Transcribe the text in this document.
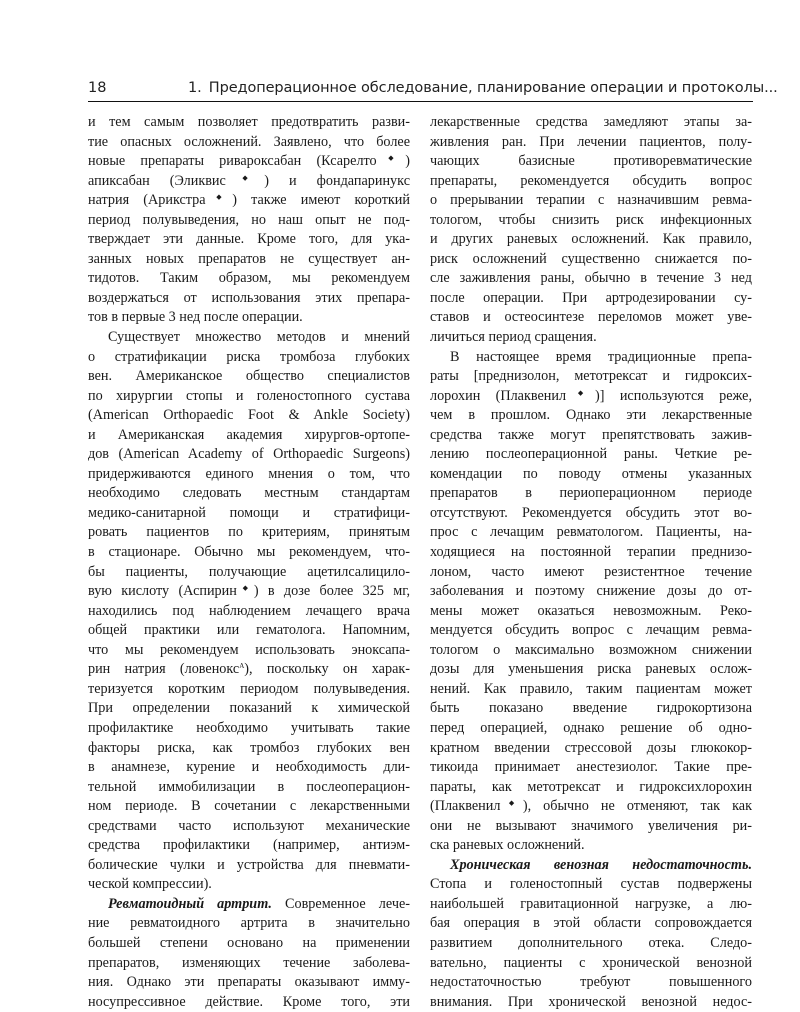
18	1. Предоперационное обследование, планирование операции и протоколы...
и тем самым позволяет предотвратить разви-
тие опасных осложнений. Заявлено, что более
новые препараты ривароксабан (Ксарелто◆)
апиксабан (Эликвис◆) и фондапаринукс
натрия (Арикстра◆) также имеют короткий
период полувыведения, но наш опыт не под-
тверждает эти данные. Кроме того, для ука-
занных новых препаратов не существует ан-
тидотов. Таким образом, мы рекомендуем
воздержаться от использования этих препара-
тов в первые 3 нед после операции.
Существует множество методов и мнений
о стратификации риска тромбоза глубоких
вен. Американское общество специалистов
по хирургии стопы и голеностопного сустава
(American Orthopaedic Foot & Ankle Society)
и Американская академия хирургов-ортопе-
дов (American Academy of Orthopaedic Surgeons)
придерживаются единого мнения о том, что
необходимо следовать местным стандартам
медико-санитарной помощи и стратифици-
ровать пациентов по критериям, принятым
в стационаре. Обычно мы рекомендуем, что-
бы пациенты, получающие ацетилсалицило-
вую кислоту (Аспирин◆) в дозе более 325 мг,
находились под наблюдением лечащего врача
общей практики или гематолога. Напомним,
что мы рекомендуем использовать эноксапа-
рин натрия (ловенокс$^A$), поскольку он харак-
теризуется коротким периодом полувыведения.
При определении показаний к химической
профилактике необходимо учитывать такие
факторы риска, как тромбоз глубоких вен
в анамнезе, курение и необходимость дли-
тельной иммобилизации в послеоперацион-
ном периоде. В сочетании с лекарственными
средствами часто используют механические
средства профилактики (например, антиэм-
болические чулки и устройства для пневмати-
ческой компрессии).
Ревматоидный артрит. Современное лече-
ние ревматоидного артрита в значительно
большей степени основано на применении
препаратов, изменяющих течение заболева-
ния. Однако эти препараты оказывают имму-
носупрессивное действие. Кроме того, эти
лекарственные средства замедляют этапы за-
живления ран. При лечении пациентов, полу-
чающих базисные противоревматические
препараты, рекомендуется обсудить вопрос
о прерывании терапии с назначившим ревма-
тологом, чтобы снизить риск инфекционных
и других раневых осложнений. Как правило,
риск осложнений существенно снижается по-
сле заживления раны, обычно в течение 3 нед
после операции. При артродезировании су-
ставов и остеосинтезе переломов может уве-
личиться период сращения.
В настоящее время традиционные препа-
раты [преднизолон, метотрексат и гидроксих-
лорохин (Плаквенил◆)] используются реже,
чем в прошлом. Однако эти лекарственные
средства также могут препятствовать зажив-
лению послеоперационной раны. Четкие ре-
комендации по поводу отмены указанных
препаратов в периоперационном периоде
отсутствуют. Рекомендуется обсудить этот во-
прос с лечащим ревматологом. Пациенты, на-
ходящиеся на постоянной терапии преднизо-
лоном, часто имеют резистентное течение
заболевания и поэтому снижение дозы до от-
мены может оказаться невозможным. Реко-
мендуется обсудить вопрос с лечащим ревма-
тологом о максимально возможном снижении
дозы для уменьшения риска раневых ослож-
нений. Как правило, таким пациентам может
быть показано введение гидрокортизона
перед операцией, однако решение об одно-
кратном введении стрессовой дозы глюкокор-
тикоида принимает анестезиолог. Такие пре-
параты, как метотрексат и гидроксихлорохин
(Плаквенил◆), обычно не отменяют, так как
они не вызывают значимого увеличения ри-
ска раневых осложнений.
Хроническая венозная недостаточность.
Стопа и голеностопный сустав подвержены
наибольшей гравитационной нагрузке, а лю-
бая операция в этой области сопровождается
развитием дополнительного отека. Следо-
вательно, пациенты с хронической венозной
недостаточностью требуют повышенного
внимания. При хронической венозной недос-
